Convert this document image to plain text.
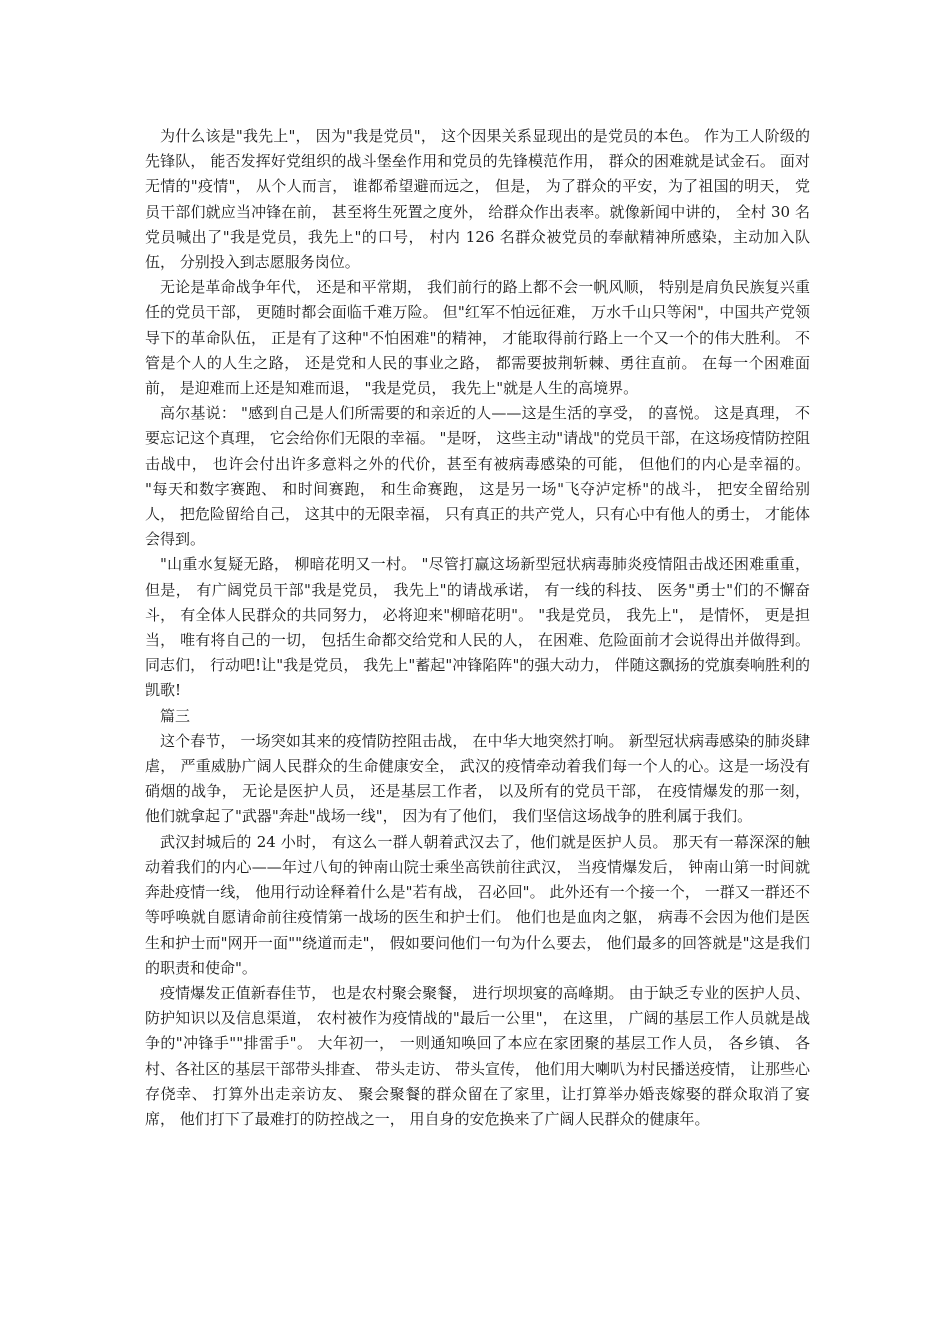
为什么该是"我先上"， 因为"我是党员"， 这个因果关系显现出的是党员的本色。 作为工人阶级的先锋队， 能否发挥好党组织的战斗堡垒作用和党员的先锋模范作用， 群众的困难就是试金石。 面对无情的"疫情"， 从个人而言， 谁都希望避而远之， 但是， 为了群众的平安，为了祖国的明天， 党员干部们就应当冲锋在前， 甚至将生死置之度外， 给群众作出表率。就像新闻中讲的， 全村 30 名党员喊出了"我是党员，我先上"的口号， 村内 126 名群众被党员的奉献精神所感染，主动加入队伍， 分别投入到志愿服务岗位。

无论是革命战争年代， 还是和平常期， 我们前行的路上都不会一帆风顺， 特别是肩负民族复兴重任的党员干部， 更随时都会面临千难万险。 但"红军不怕远征难， 万水千山只等闲"，中国共产党领导下的革命队伍， 正是有了这种"不怕困难"的精神， 才能取得前行路上一个又一个的伟大胜利。 不管是个人的人生之路， 还是党和人民的事业之路， 都需要披荆斩棘、勇往直前。 在每一个困难面前， 是迎难而上还是知难而退， "我是党员， 我先上"就是人生的高境界。

高尔基说： "感到自己是人们所需要的和亲近的人——这是生活的享受， 的喜悦。 这是真理， 不要忘记这个真理， 它会给你们无限的幸福。 "是呀， 这些主动"请战"的党员干部，在这场疫情防控阻击战中， 也许会付出许多意料之外的代价，甚至有被病毒感染的可能， 但他们的内心是幸福的。 "每天和数字赛跑、 和时间赛跑， 和生命赛跑， 这是另一场"飞夺泸定桥"的战斗， 把安全留给别人， 把危险留给自己， 这其中的无限幸福， 只有真正的共产党人，只有心中有他人的勇士， 才能体会得到。

"山重水复疑无路， 柳暗花明又一村。 "尽管打赢这场新型冠状病毒肺炎疫情阻击战还困难重重， 但是， 有广阔党员干部"我是党员， 我先上"的请战承诺， 有一线的科技、 医务"勇士"们的不懈奋斗， 有全体人民群众的共同努力， 必将迎来"柳暗花明"。 "我是党员， 我先上"， 是情怀， 更是担当， 唯有将自己的一切， 包括生命都交给党和人民的人， 在困难、危险面前才会说得出并做得到。 同志们， 行动吧!让"我是党员， 我先上"蓄起"冲锋陷阵"的强大动力， 伴随这飘扬的党旗奏响胜利的凯歌!

篇三

这个春节， 一场突如其来的疫情防控阻击战， 在中华大地突然打响。 新型冠状病毒感染的肺炎肆虐， 严重威胁广阔人民群众的生命健康安全， 武汉的疫情牵动着我们每一个人的心。这是一场没有硝烟的战争， 无论是医护人员， 还是基层工作者， 以及所有的党员干部， 在疫情爆发的那一刻， 他们就拿起了"武器"奔赴"战场一线"， 因为有了他们， 我们坚信这场战争的胜利属于我们。

武汉封城后的 24 小时， 有这么一群人朝着武汉去了，他们就是医护人员。 那天有一幕深深的触动着我们的内心——年过八旬的钟南山院士乘坐高铁前往武汉， 当疫情爆发后， 钟南山第一时间就奔赴疫情一线， 他用行动诠释着什么是"若有战， 召必回"。 此外还有一个接一个， 一群又一群还不等呼唤就自愿请命前往疫情第一战场的医生和护士们。 他们也是血肉之躯， 病毒不会因为他们是医生和护士而"网开一面""绕道而走"， 假如要问他们一句为什么要去， 他们最多的回答就是"这是我们的职责和使命"。

疫情爆发正值新春佳节， 也是农村聚会聚餐， 进行坝坝宴的高峰期。 由于缺乏专业的医护人员、 防护知识以及信息渠道， 农村被作为疫情战的"最后一公里"， 在这里， 广阔的基层工作人员就是战争的"冲锋手""排雷手"。 大年初一， 一则通知唤回了本应在家团聚的基层工作人员， 各乡镇、 各村、各社区的基层干部带头排查、 带头走访、 带头宣传， 他们用大喇叭为村民播送疫情， 让那些心存侥幸、 打算外出走亲访友、 聚会聚餐的群众留在了家里，让打算举办婚丧嫁娶的群众取消了宴席， 他们打下了最难打的防控战之一， 用自身的安危换来了广阔人民群众的健康年。
